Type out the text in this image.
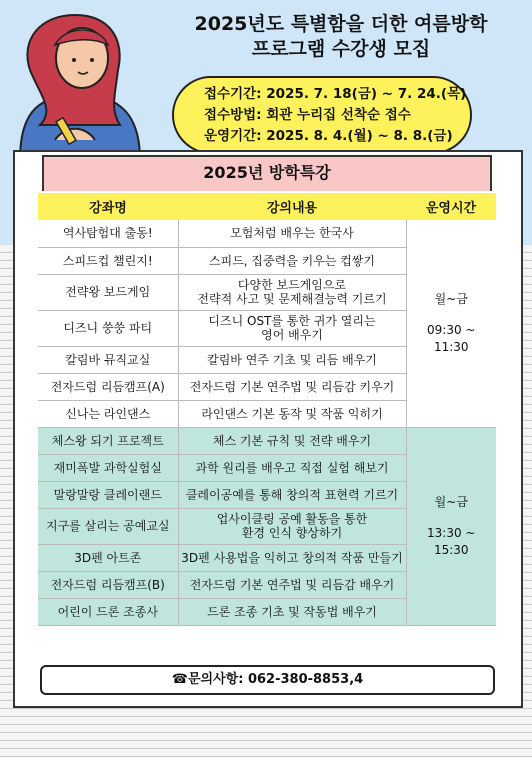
2025년도 특별함을 더한 여름방학
프로그램 수강생 모집
접수기간: 2025. 7. 18(금) ~ 7. 24.(목)
접수방법: 회관 누리집 선착순 접수
운영기간: 2025. 8. 4.(월) ~ 8. 8.(금)
2025년 방학특강
강좌명	강의내용	운영시간
역사탐험대 출동!	모험처럼 배우는 한국사	월~금
09:30 ~
11:30

스피드컵 챌린지!	스피드, 집중력을 키우는 컵쌓기	

전략왕 보드게임	다양한 보드게임으로
전략적 사고 및 문제해결능력 기르기	

디즈니 쑹쑹 파티	디즈니 OST를 통한 귀가 열리는
영어 배우기	

칼림바 뮤직교실	칼림바 연주 기초 및 리듬 배우기	

전자드럼 리듬캠프(A)	전자드럼 기본 연주법 및 리듬감 키우기	

신나는 라인댄스	라인댄스 기본 동작 및 작품 익히기	

체스왕 되기 프로젝트	체스 기본 규칙 및 전략 배우기	월~금
13:30 ~
15:30

재미폭발 과학실험실	과학 원리를 배우고 직접 실험 해보기	

말랑말랑 클레이랜드	클레이공예를 통해 창의적 표현력 기르기	

지구를 살리는 공예교실	업사이클링 공예 활동을 통한
환경 인식 향상하기	

3D펜 아트존	3D펜 사용법을 익히고 창의적 작품 만들기	

전자드럼 리듬캠프(B)	전자드럼 기본 연주법 및 리듬감 배우기	

어린이 드론 조종사	드론 조종 기초 및 작동법 배우기	
☎문의사항: 062-380-8853,4
